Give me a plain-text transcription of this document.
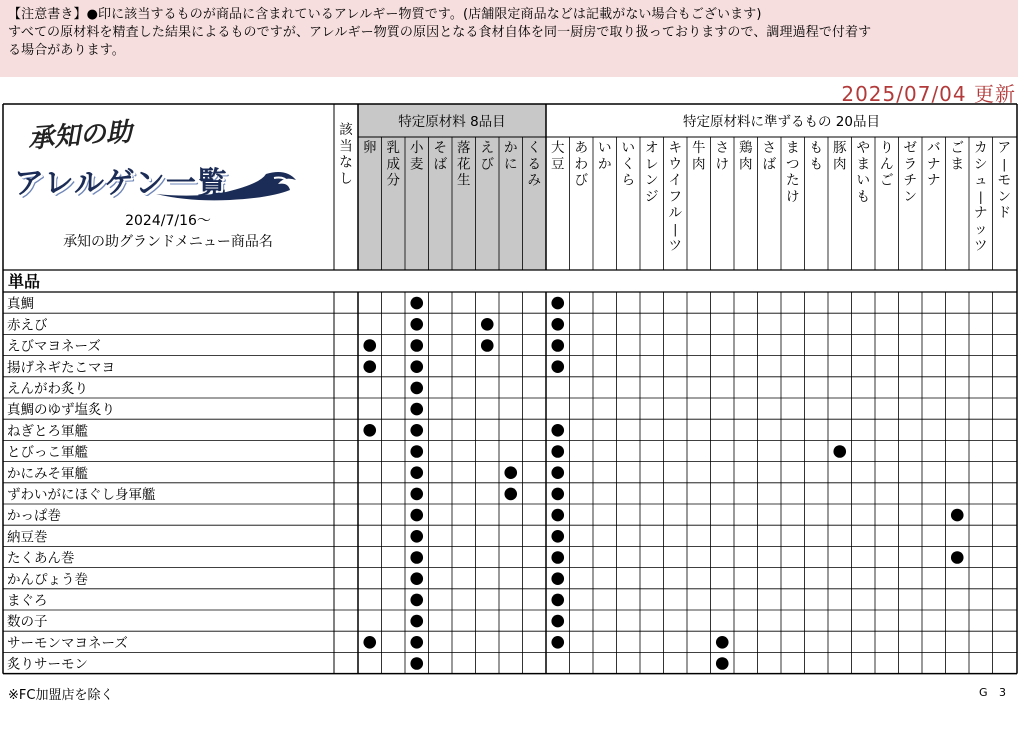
【注意書き】●印に該当するものが商品に含まれているアレルギー物質です。(店舗限定商品などは記載がない場合もございます)
すべての原材料を精査した結果によるものですが、アレルギー物質の原因となる食材自体を同一厨房で取り扱っておりますので、調理過程で付着す
る場合があります。
2025/07/04 更新
特定原材料 8品目	特定原材料に準ずるもの 20品目
該当なし
卵 乳成分
小麦
そば
落花生
えび
かに
くるみ
大豆
あわび
いか
いくら
オレンジ
キウイフル|ツ
牛肉
さけ
鶏肉
さば
まつたけ
もも
豚肉
やまいも
りんご
ゼラチン
バナナ
ごま
カシュ|ナッツ
ア|モンド
単品
真鯛
赤えび
えびマヨネーズ
揚げネギたこマヨ
えんがわ炙り
真鯛のゆず塩炙り
ねぎとろ軍艦
とびっこ軍艦
かにみそ軍艦
ずわいがにほぐし身軍艦
かっぱ巻
納豆巻
たくあん巻
かんぴょう巻
まぐろ
数の子
サーモンマヨネーズ
炙りサーモン
承知の助
アレルゲン一覧
2024/7/16〜
承知の助グランドメニュー商品名
※FC加盟店を除く	G 3
